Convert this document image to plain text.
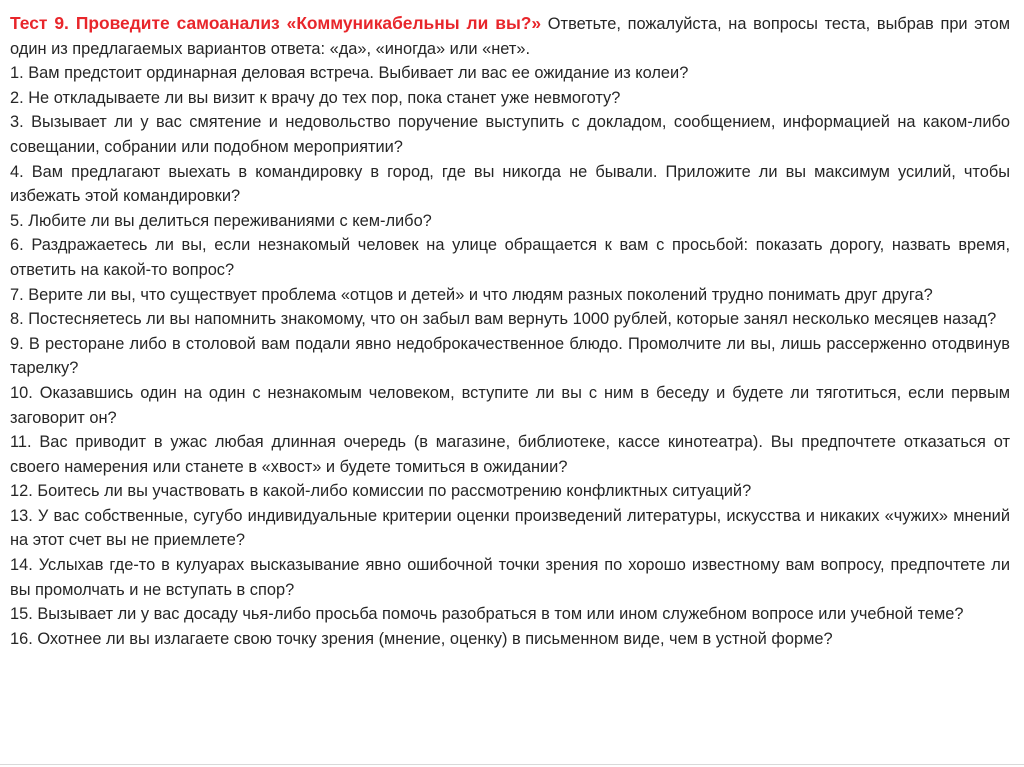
Тест 9. Проведите самоанализ «Коммуникабельны ли вы?» Ответьте, пожалуйста, на вопросы теста, выбрав при этом один из предлагаемых вариантов ответа: «да», «иногда» или «нет».

1. Вам предстоит ординарная деловая встреча. Выбивает ли вас ее ожидание из колеи?

2. Не откладываете ли вы визит к врачу до тех пор, пока станет уже невмоготу?

3. Вызывает ли у вас смятение и недовольство поручение выступить с докладом, сообщением, информацией на каком-либо совещании, собрании или подобном мероприятии?

4. Вам предлагают выехать в командировку в город, где вы никогда не бывали. Приложите ли вы максимум усилий, чтобы избежать этой командировки?

5. Любите ли вы делиться переживаниями с кем-либо?

6. Раздражаетесь ли вы, если незнакомый человек на улице обращается к вам с просьбой: показать дорогу, назвать время, ответить на какой-то вопрос?

7. Верите ли вы, что существует проблема «отцов и детей» и что людям разных поколений трудно понимать друг друга?

8. Постесняетесь ли вы напомнить знакомому, что он забыл вам вернуть 1000 рублей, которые занял несколько месяцев назад?

9. В ресторане либо в столовой вам подали явно недоброкачественное блюдо. Промолчите ли вы, лишь рассерженно отодвинув тарелку?

10. Оказавшись один на один с незнакомым человеком, вступите ли вы с ним в беседу и будете ли тяготиться, если первым заговорит он?

11. Вас приводит в ужас любая длинная очередь (в магазине, библиотеке, кассе кинотеатра). Вы предпочтете отказаться от своего намерения или станете в «хвост» и будете томиться в ожидании?

12. Боитесь ли вы участвовать в какой-либо комиссии по рассмотрению конфликтных ситуаций?

13. У вас собственные, сугубо индивидуальные критерии оценки произведений литературы, искусства и никаких «чужих» мнений на этот счет вы не приемлете?

14. Услыхав где-то в кулуарах высказывание явно ошибочной точки зрения по хорошо известному вам вопросу, предпочтете ли вы промолчать и не вступать в спор?

15. Вызывает ли у вас досаду чья-либо просьба помочь разобраться в том или ином служебном вопросе или учебной теме?

16. Охотнее ли вы излагаете свою точку зрения (мнение, оценку) в письменном виде, чем в устной форме?
